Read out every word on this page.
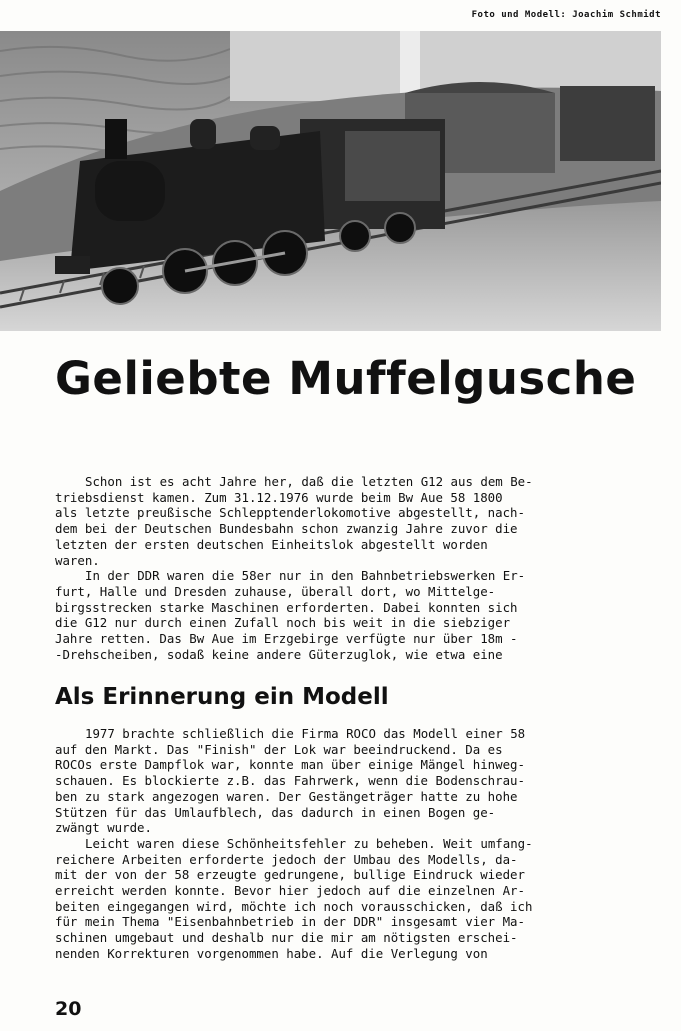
Foto und Modell: Joachim Schmidt
Geliebte Muffelgusche

Schon ist es acht Jahre her, daß die letzten G12 aus dem Be-
triebsdienst kamen. Zum 31.12.1976 wurde beim Bw Aue 58 1800
als letzte preußische Schlepptenderlokomotive abgestellt, nach-
dem bei der Deutschen Bundesbahn schon zwanzig Jahre zuvor die
letzten der ersten deutschen Einheitslok abgestellt worden
waren.
In der DDR waren die 58er nur in den Bahnbetriebswerken Er-
furt, Halle und Dresden zuhause, überall dort, wo Mittelge-
birgsstrecken starke Maschinen erforderten. Dabei konnten sich
die G12 nur durch einen Zufall noch bis weit in die siebziger
Jahre retten. Das Bw Aue im Erzgebirge verfügte nur über 18m -
-Drehscheiben, sodaß keine andere Güterzuglok, wie etwa eine

Als Erinnerung ein Modell

1977 brachte schließlich die Firma ROCO das Modell einer 58
auf den Markt. Das "Finish" der Lok war beeindruckend. Da es
ROCOs erste Dampflok war, konnte man über einige Mängel hinweg-
schauen. Es blockierte z.B. das Fahrwerk, wenn die Bodenschrau-
ben zu stark angezogen waren. Der Gestängeträger hatte zu hohe
Stützen für das Umlaufblech, das dadurch in einen Bogen ge-
zwängt wurde.
Leicht waren diese Schönheitsfehler zu beheben. Weit umfang-
reichere Arbeiten erforderte jedoch der Umbau des Modells, da-
mit der von der 58 erzeugte gedrungene, bullige Eindruck wieder
erreicht werden konnte. Bevor hier jedoch auf die einzelnen Ar-
beiten eingegangen wird, möchte ich noch vorausschicken, daß ich
für mein Thema "Eisenbahnbetrieb in der DDR" insgesamt vier Ma-
schinen umgebaut und deshalb nur die mir am nötigsten erschei-
nenden Korrekturen vorgenommen habe. Auf die Verlegung von

20
